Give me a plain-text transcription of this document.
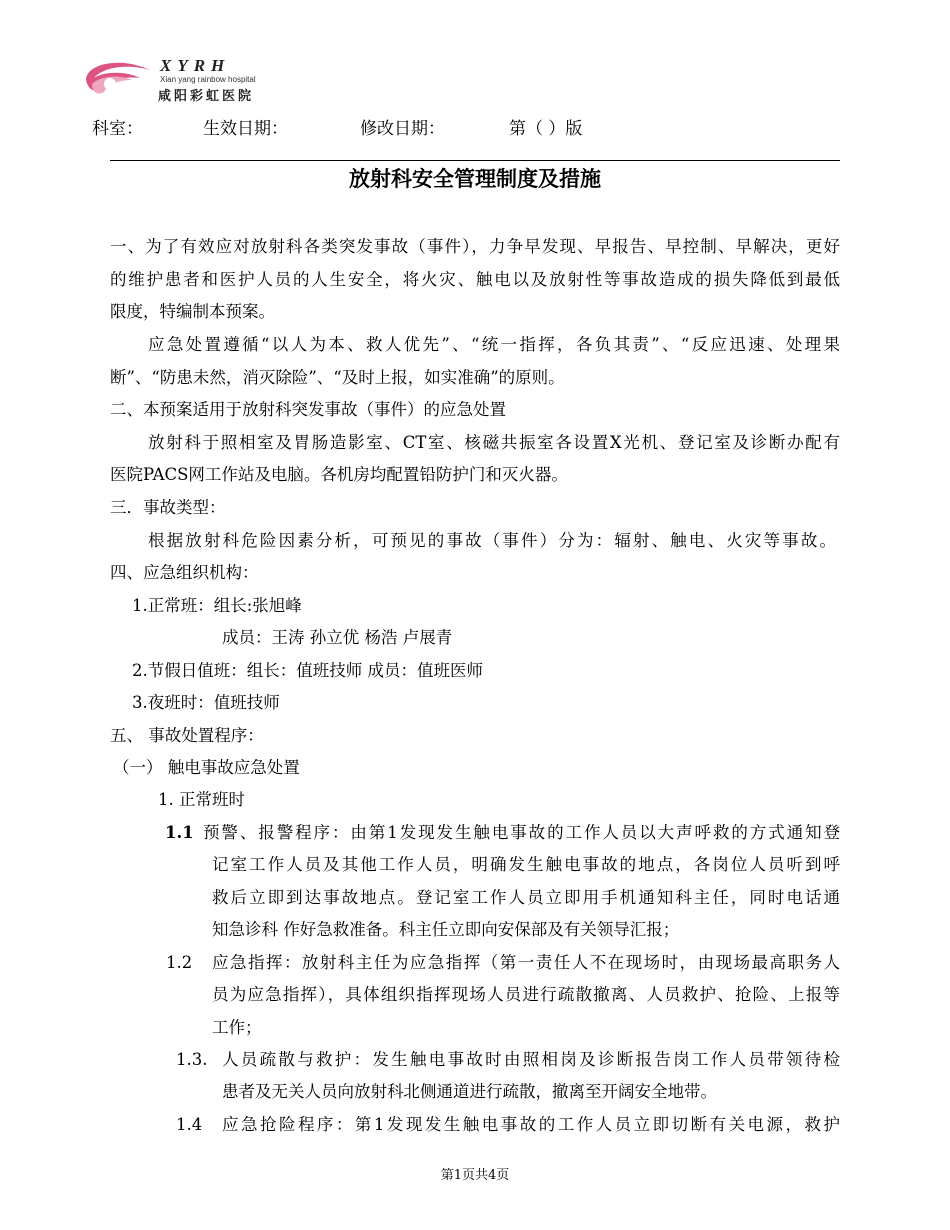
XYRH
Xian yang rainbow hospital
咸阳彩虹医院
科室：	生效日期：	修改日期：	第（ ）版
放射科安全管理制度及措施
一、为了有效应对放射科各类突发事故（事件），力争早发现、早报告、早控制、早解决，更好
的维护患者和医护人员的人生安全，将火灾、触电以及放射性等事故造成的损失降低到最低
限度，特编制本预案。
应急处置遵循“以人为本、救人优先”、“统一指挥，各负其责”、“反应迅速、处理果
断”、“防患未然，消灭除险”、“及时上报，如实准确”的原则。
二、本预案适用于放射科突发事故（事件）的应急处置
放射科于照相室及胃肠造影室、CT室、核磁共振室各设置X光机、登记室及诊断办配有
医院PACS网工作站及电脑。各机房均配置铅防护门和灭火器。
三．事故类型：
根据放射科危险因素分析，可预见的事故（事件）分为：辐射、触电、火灾等事故。
四、应急组织机构：
1.正常班：组长:张旭峰
成员：王涛 孙立优 杨浩 卢展青
2.节假日值班：组长：值班技师 成员：值班医师
3.夜班时：值班技师
五、 事故处置程序：
（一） 触电事故应急处置
1. 正常班时
1.1 预警、报警程序：由第1发现发生触电事故的工作人员以大声呼救的方式通知登
记室工作人员及其他工作人员，明确发生触电事故的地点，各岗位人员听到呼
救后立即到达事故地点。登记室工作人员立即用手机通知科主任，同时电话通
知急诊科 作好急救准备。科主任立即向安保部及有关领导汇报；
1.2 应急指挥：放射科主任为应急指挥（第一责任人不在现场时，由现场最高职务人
员为应急指挥），具体组织指挥现场人员进行疏散撤离、人员救护、抢险、上报等
工作；
1.3. 人员疏散与救护：发生触电事故时由照相岗及诊断报告岗工作人员带领待检
患者及无关人员向放射科北侧通道进行疏散，撤离至开阔安全地带。
1.4 应急抢险程序：第1发现发生触电事故的工作人员立即切断有关电源，救护
第1页共4页
